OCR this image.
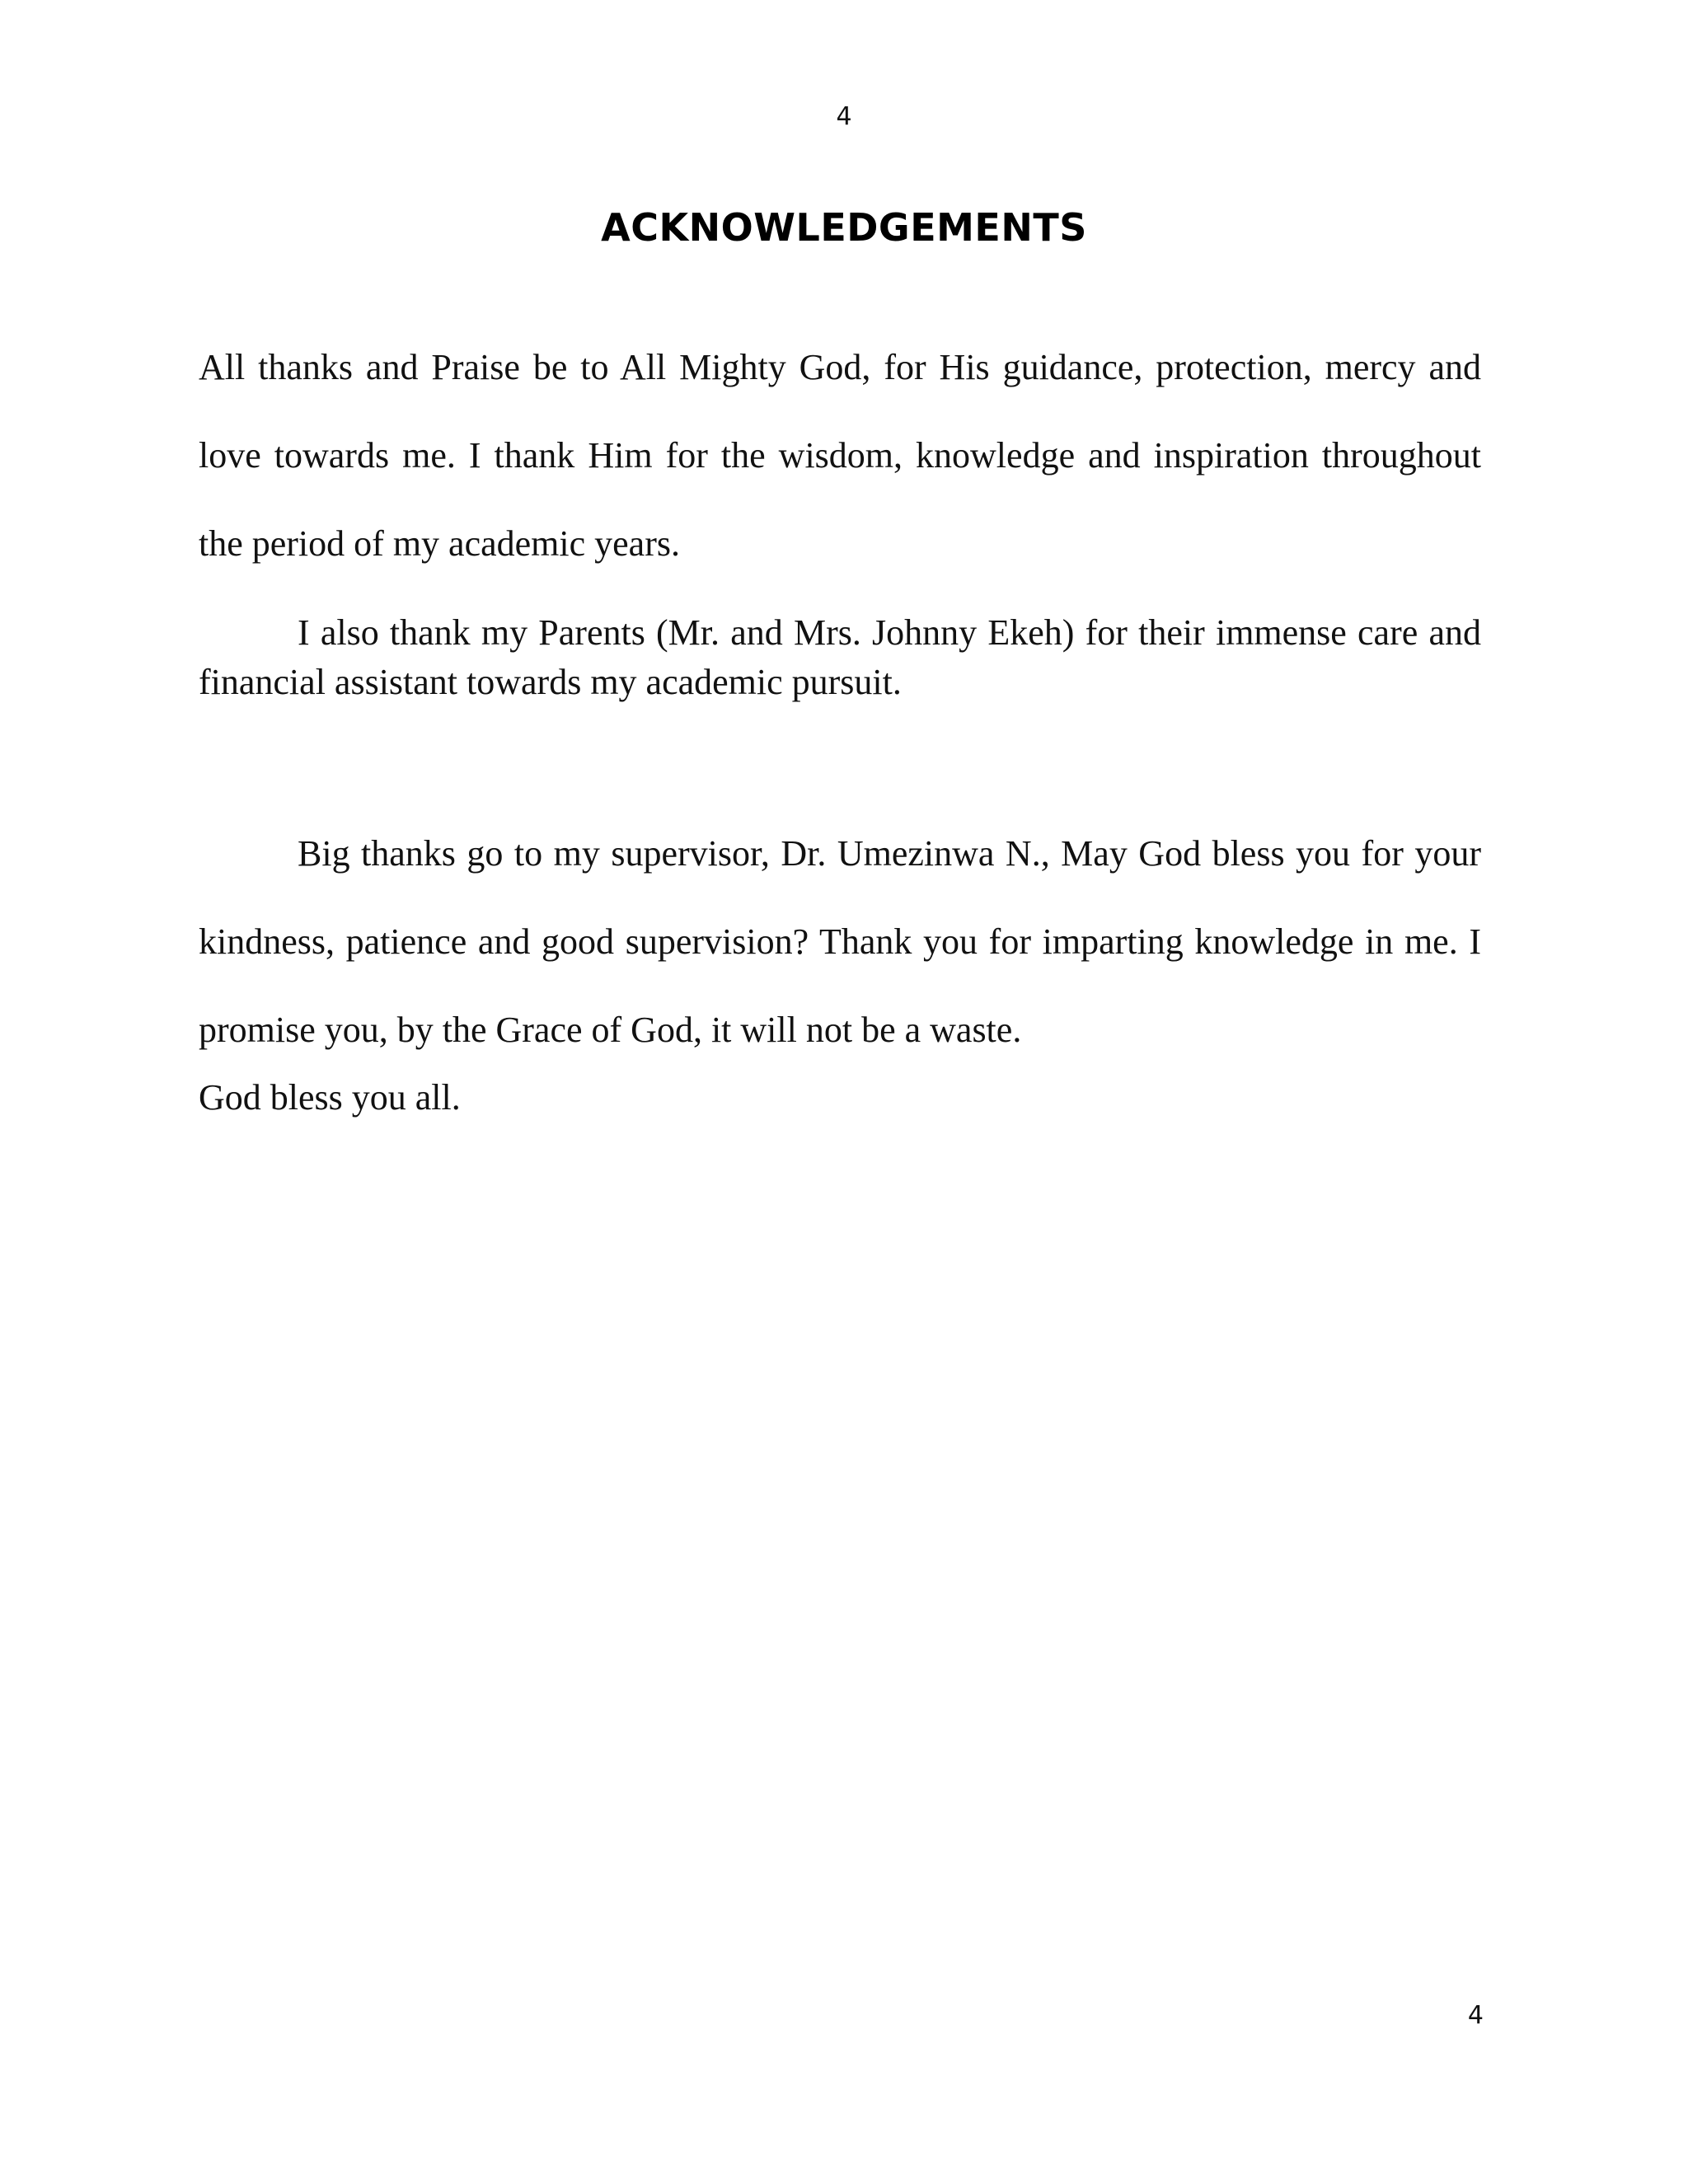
4
ACKNOWLEDGEMENTS

All thanks and Praise be to All Mighty God, for His guidance, protection, mercy and love towards me. I thank Him for the wisdom, knowledge and inspiration throughout the period of my academic years.

I also thank my Parents (Mr. and Mrs. Johnny Ekeh) for their immense care and financial assistant towards my academic pursuit.

Big thanks go to my supervisor, Dr. Umezinwa N., May God bless you for your kindness, patience and good supervision? Thank you for imparting knowledge in me. I promise you, by the Grace of God, it will not be a waste.

God bless you all.

4
